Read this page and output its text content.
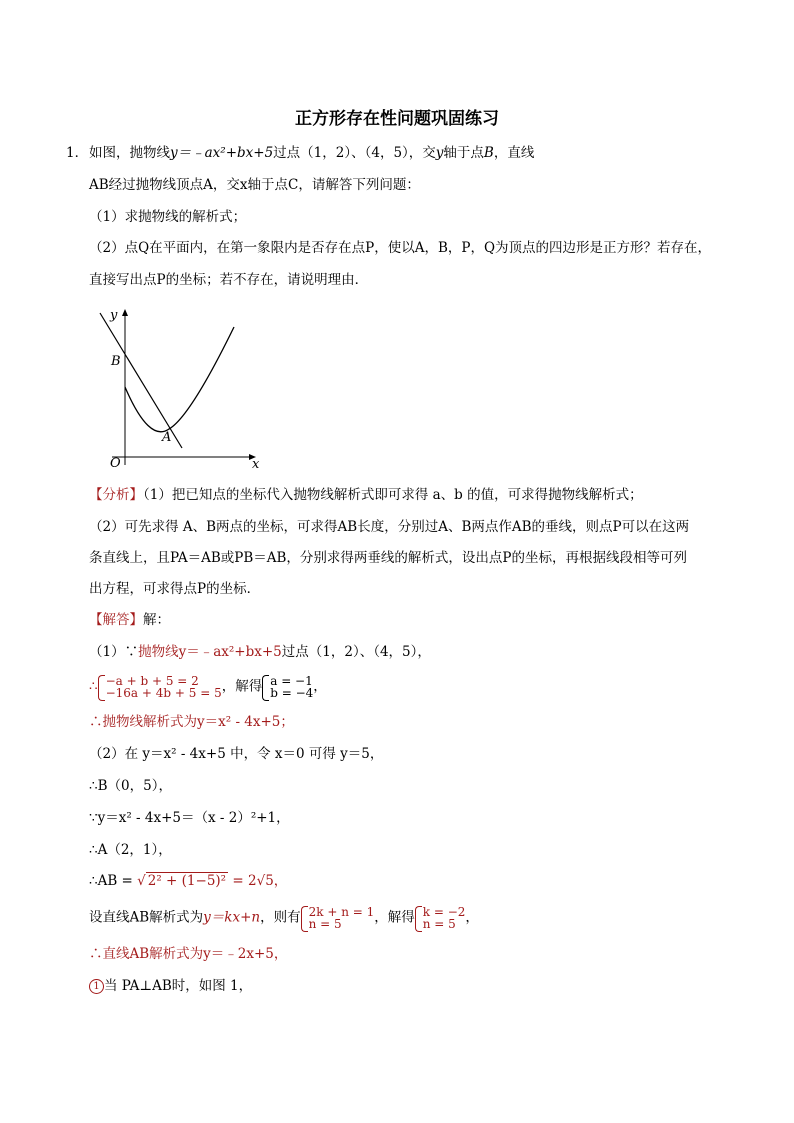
正方形存在性问题巩固练习
1． 如图，抛物线y＝﹣ax²+bx+5过点（1，2）、（4，5），交y轴于点B，直线
AB经过抛物线顶点A，交x轴于点C，请解答下列问题：
（1）求抛物线的解析式；
（2）点Q在平面内，在第一象限内是否存在点P，使以A，B，P，Q为顶点的四边形是正方形？若存在，
直接写出点P的坐标；若不存在，请说明理由．
y
x
O
B
A
【分析】（1）把已知点的坐标代入抛物线解析式即可求得 a、b 的值，可求得抛物线解析式；
（2）可先求得 A、B两点的坐标，可求得AB长度，分别过A、B两点作AB的垂线，则点P可以在这两
条直线上，且PA＝AB或PB＝AB，分别求得两垂线的解析式，设出点P的坐标，再根据线段相等可列
出方程，可求得点P的坐标．
【解答】解：
（1）∵抛物线y＝﹣ax²+bx+5过点（1，2）、（4，5），
∴ −a + b + 5 = 2
−16a + 4b + 5 = 5 ，解得 a = −1
b = −4 ，
∴抛物线解析式为y＝x² - 4x+5；
（2）在 y＝x² - 4x+5 中，令 x＝0 可得 y＝5，
∴B（0，5），
∵y＝x² - 4x+5＝（x - 2）²+1，
∴A（2，1），
∴AB = √ 2² + (1−5)² = 2√5，
设直线AB解析式为y＝kx+n，则有 2k + n = 1
n = 5	，解得 k = −2
n = 5 ，
∴直线AB解析式为y＝﹣2x+5，
1 当 PA⊥AB时，如图 1，
